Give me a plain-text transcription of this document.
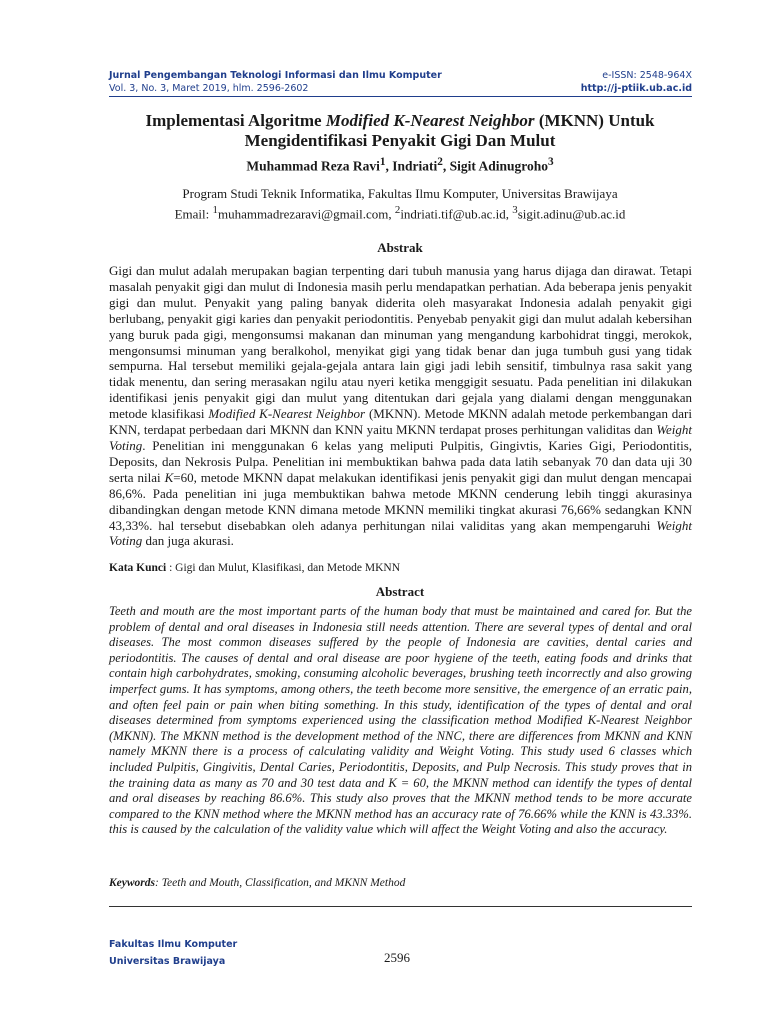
Jurnal Pengembangan Teknologi Informasi dan Ilmu Komputer	e-ISSN: 2548-964X
Vol. 3, No. 3, Maret 2019, hlm. 2596-2602	http://j-ptiik.ub.ac.id
Implementasi Algoritme Modified K-Nearest Neighbor (MKNN) Untuk
Mengidentifikasi Penyakit Gigi Dan Mulut
Muhammad Reza Ravi$^1$, Indriati$^2$, Sigit Adinugroho$^3$
Program Studi Teknik Informatika, Fakultas Ilmu Komputer, Universitas Brawijaya
Email: $^1$muhammadrezaravi@gmail.com, $^2$indriati.tif@ub.ac.id, $^3$sigit.adinu@ub.ac.id
Abstrak

Gigi dan mulut adalah merupakan bagian terpenting dari tubuh manusia yang harus dijaga dan dirawat. Tetapi masalah penyakit gigi dan mulut di Indonesia masih perlu mendapatkan perhatian. Ada beberapa jenis penyakit gigi dan mulut. Penyakit yang paling banyak diderita oleh masyarakat Indonesia adalah penyakit gigi berlubang, penyakit gigi karies dan penyakit periodontitis. Penyebab penyakit gigi dan mulut adalah kebersihan yang buruk pada gigi, mengonsumsi makanan dan minuman yang mengandung karbohidrat tinggi, merokok, mengonsumsi minuman yang beralkohol, menyikat gigi yang tidak benar dan juga tumbuh gusi yang tidak sempurna. Hal tersebut memiliki gejala-gejala antara lain gigi jadi lebih sensitif, timbulnya rasa sakit yang tidak menentu, dan sering merasakan ngilu atau nyeri ketika menggigit sesuatu. Pada penelitian ini dilakukan identifikasi jenis penyakit gigi dan mulut yang ditentukan dari gejala yang dialami dengan menggunakan metode klasifikasi Modified K-Nearest Neighbor (MKNN). Metode MKNN adalah metode perkembangan dari KNN, terdapat perbedaan dari MKNN dan KNN yaitu MKNN terdapat proses perhitungan validitas dan Weight Voting. Penelitian ini menggunakan 6 kelas yang meliputi Pulpitis, Gingivtis, Karies Gigi, Periodontitis, Deposits, dan Nekrosis Pulpa. Penelitian ini membuktikan bahwa pada data latih sebanyak 70 dan data uji 30 serta nilai K=60, metode MKNN dapat melakukan identifikasi jenis penyakit gigi dan mulut dengan mencapai 86,6%. Pada penelitian ini juga membuktikan bahwa metode MKNN cenderung lebih tinggi akurasinya dibandingkan dengan metode KNN dimana metode MKNN memiliki tingkat akurasi 76,66% sedangkan KNN 43,33%. hal tersebut disebabkan oleh adanya perhitungan nilai validitas yang akan mempengaruhi Weight Voting dan juga akurasi.

Kata Kunci : Gigi dan Mulut, Klasifikasi, dan Metode MKNN
Abstract

Teeth and mouth are the most important parts of the human body that must be maintained and cared for. But the problem of dental and oral diseases in Indonesia still needs attention. There are several types of dental and oral diseases. The most common diseases suffered by the people of Indonesia are cavities, dental caries and periodontitis. The causes of dental and oral disease are poor hygiene of the teeth, eating foods and drinks that contain high carbohydrates, smoking, consuming alcoholic beverages, brushing teeth incorrectly and also growing imperfect gums. It has symptoms, among others, the teeth become more sensitive, the emergence of an erratic pain, and often feel pain or pain when biting something. In this study, identification of the types of dental and oral diseases determined from symptoms experienced using the classification method Modified K-Nearest Neighbor (MKNN). The MKNN method is the development method of the NNC, there are differences from MKNN and KNN namely MKNN there is a process of calculating validity and Weight Voting. This study used 6 classes which included Pulpitis, Gingivitis, Dental Caries, Periodontitis, Deposits, and Pulp Necrosis. This study proves that in the training data as many as 70 and 30 test data and K = 60, the MKNN method can identify the types of dental and oral diseases by reaching 86.6%. This study also proves that the MKNN method tends to be more accurate compared to the KNN method where the MKNN method has an accuracy rate of 76.66% while the KNN is 43.33%. this is caused by the calculation of the validity value which will affect the Weight Voting and also the accuracy.

Keywords: Teeth and Mouth, Classification, and MKNN Method
Fakultas Ilmu Komputer
Universitas Brawijaya	2596
